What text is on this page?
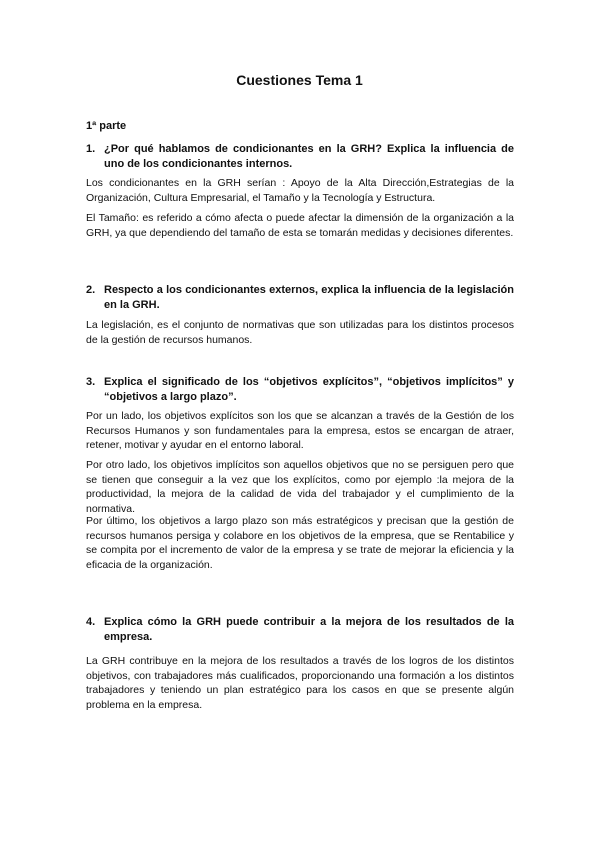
Cuestiones Tema 1
1ª parte
1. ¿Por qué hablamos de condicionantes en la GRH? Explica la influencia de uno de los condicionantes internos.
Los condicionantes en la GRH serían : Apoyo de la Alta Dirección,Estrategias de la Organización, Cultura Empresarial, el Tamaño y la Tecnología y Estructura.
El Tamaño: es referido a cómo afecta o puede afectar la dimensión de la organización a la GRH, ya que dependiendo del tamaño de esta se tomarán medidas y decisiones diferentes.
2. Respecto a los condicionantes externos, explica la influencia de la legislación en la GRH.
La legislación, es el conjunto de normativas que son utilizadas para los distintos procesos de la gestión de recursos humanos.
3. Explica el significado de los “objetivos explícitos”, “objetivos implícitos” y “objetivos a largo plazo”.
Por un lado, los objetivos explícitos son los que se alcanzan a través de la Gestión de los Recursos Humanos y son fundamentales para la empresa, estos se encargan de atraer, retener, motivar y ayudar en el entorno laboral.
Por otro lado, los objetivos implícitos son aquellos objetivos que no se persiguen pero que se tienen que conseguir a la vez que los explícitos, como por ejemplo :la mejora de la productividad, la mejora de la calidad de vida del trabajador y el cumplimiento de la normativa.
Por último, los objetivos a largo plazo son más estratégicos y precisan que la gestión de recursos humanos persiga y colabore en los objetivos de la empresa, que se Rentabilice y se compita por el incremento de valor de la empresa y se trate de mejorar la eficiencia y la eficacia de la organización.
4. Explica cómo la GRH puede contribuir a la mejora de los resultados de la empresa.
La GRH contribuye en la mejora de los resultados a través de los logros de los distintos objetivos, con trabajadores más cualificados, proporcionando una formación a los distintos trabajadores y teniendo un plan estratégico para los casos en que se presente algún problema en la empresa.
